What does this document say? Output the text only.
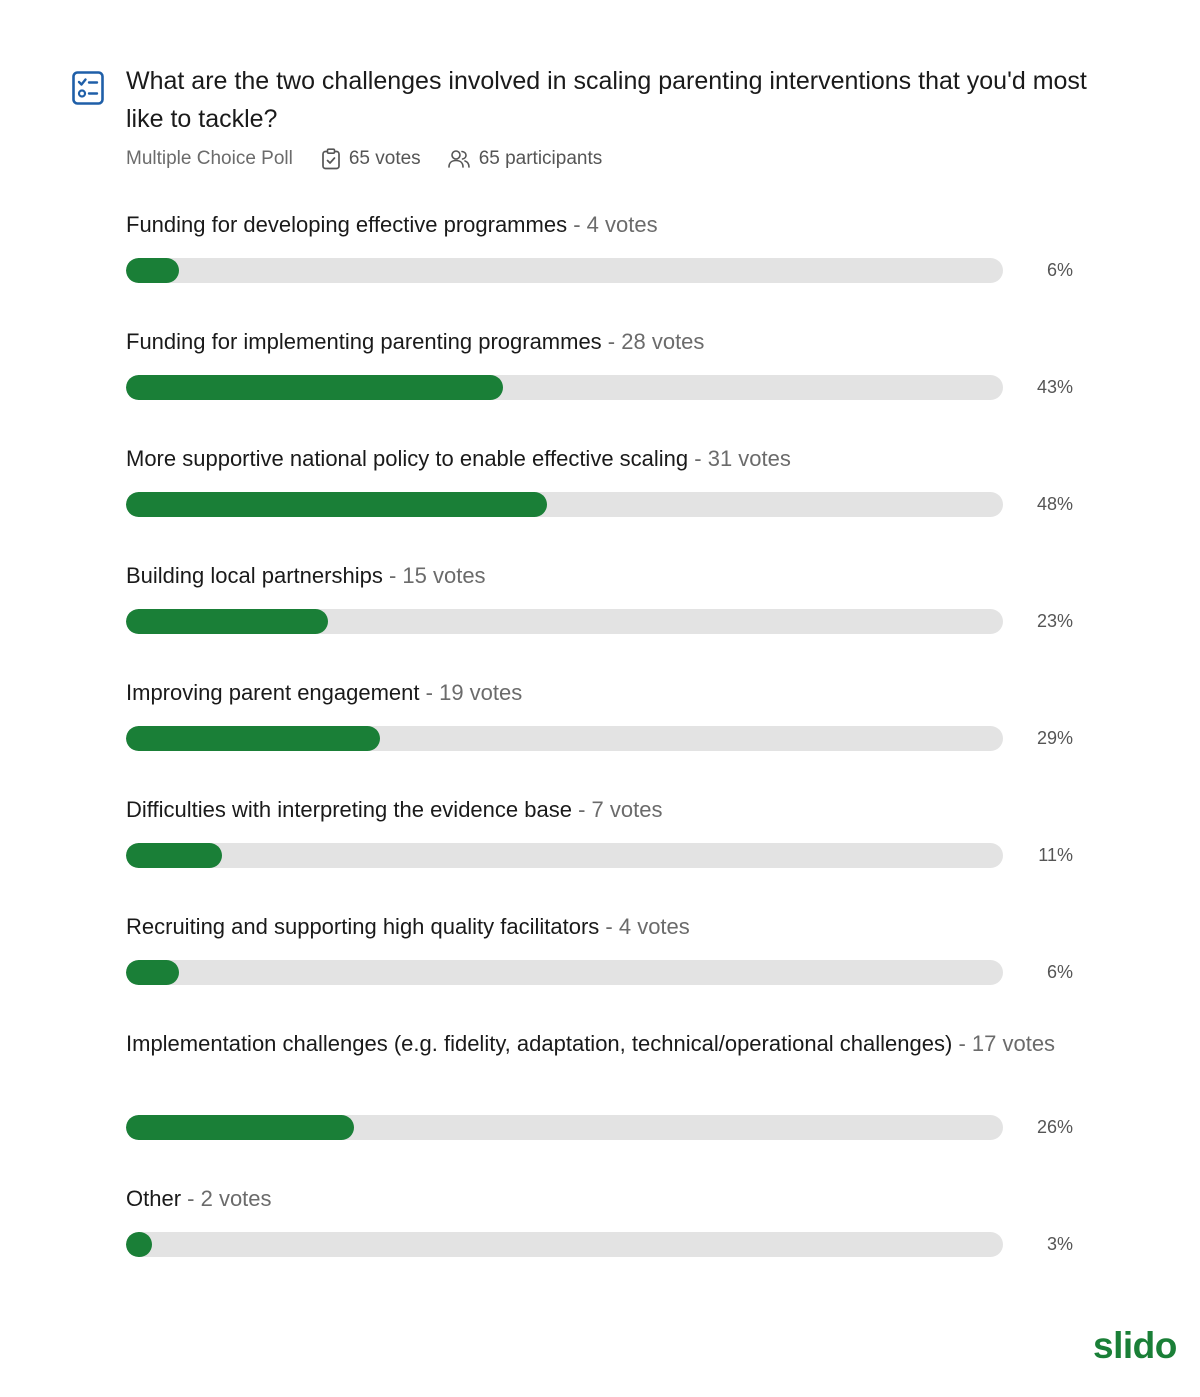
What are the two challenges involved in scaling parenting interventions that you'd most like to tackle?
Multiple Choice Poll	65 votes	65 participants
Funding for developing effective programmes - 4 votes
6%
Funding for implementing parenting programmes - 28 votes
43%
More supportive national policy to enable effective scaling - 31 votes
48%
Building local partnerships - 15 votes
23%
Improving parent engagement - 19 votes
29%
Difficulties with interpreting the evidence base - 7 votes
11%
Recruiting and supporting high quality facilitators - 4 votes
6%
Implementation challenges (e.g. fidelity, adaptation, technical/operational challenges) - 17 votes
26%
Other - 2 votes
3%
slido
